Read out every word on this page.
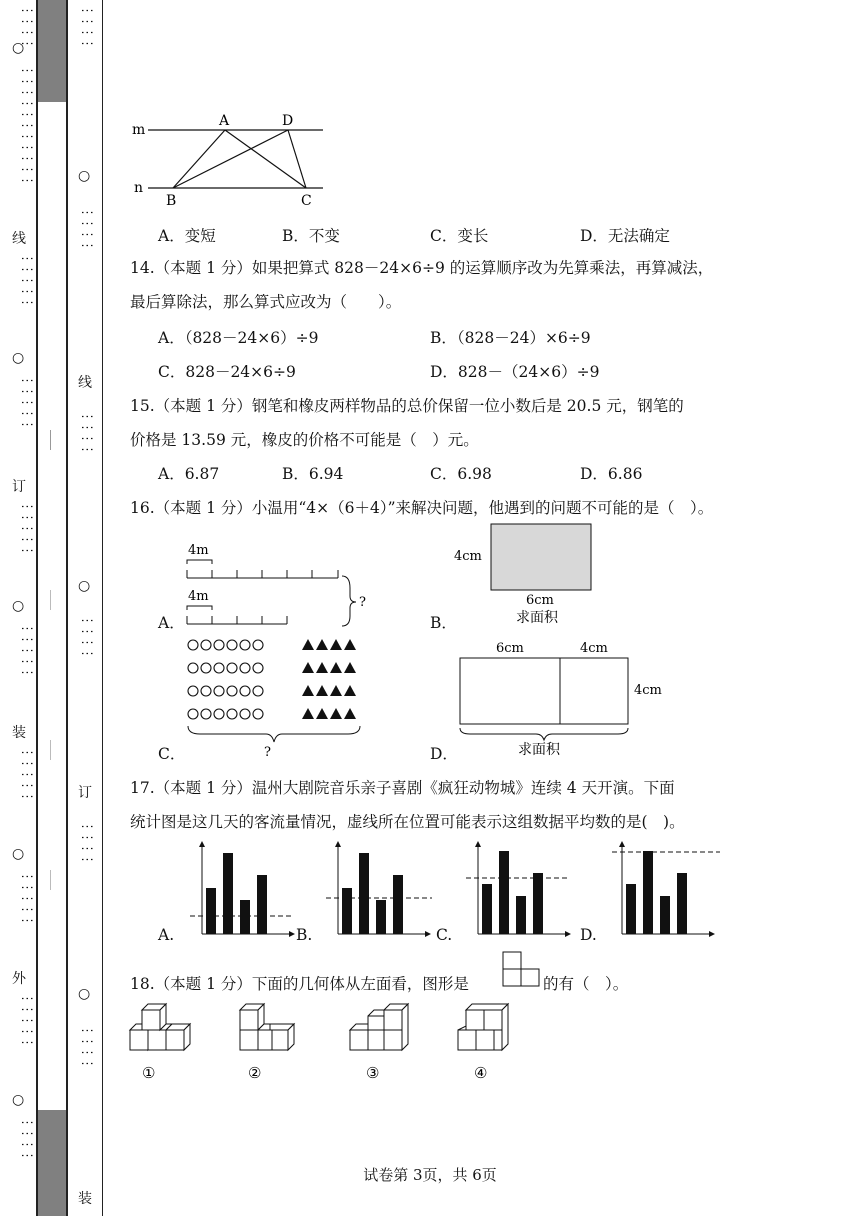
⋮⋮⋮⋮
○
⋮⋮⋮⋮⋮⋮⋮⋮⋮⋮⋮
线
⋮⋮⋮⋮⋮
○
⋮⋮⋮⋮⋮
订
⋮⋮⋮⋮⋮
○
⋮⋮⋮⋮⋮
装
⋮⋮⋮⋮⋮
○
⋮⋮⋮⋮⋮
外
⋮⋮⋮⋮⋮
○
⋮⋮⋮⋮
⋮⋮⋮⋮
○
⋮⋮⋮⋮
线
⋮⋮⋮⋮
○
⋮⋮⋮⋮
订
⋮⋮⋮⋮
○
⋮⋮⋮⋮
装
m
n
A	D
B	C
A．变短	B．不变	C．变长	D．无法确定
14.（本题 1 分）如果把算式 828－24×6÷9 的运算顺序改为先算乘法，再算减法，
最后算除法，那么算式应改为（　　）。
A．（828－24×6）÷9	B．（828－24）×6÷9
C．828－24×6÷9	D．828－（24×6）÷9
15.（本题 1 分）钢笔和橡皮两样物品的总价保留一位小数后是 20.5 元，钢笔的
价格是 13.59 元，橡皮的价格不可能是（　）元。
A．6.87	B．6.94	C．6.98	D．6.86
16.（本题 1 分）小温用“4×（6＋4）”来解决问题，他遇到的问题不可能的是（　）。
A．
4m
4m	?
B．
4cm
6cm
求面积
C．	?	D．
6cm	4cm
4cm
求面积
17.（本题 1 分）温州大剧院音乐亲子喜剧《疯狂动物城》连续 4 天开演。下面
统计图是这几天的客流量情况，虚线所在位置可能表示这组数据平均数的是(　)。
A.	B.	C.	D.
18.（本题 1 分）下面的几何体从左面看，图形是	的有（　）。
①	②	③	④
试卷第 3页，共 6页
